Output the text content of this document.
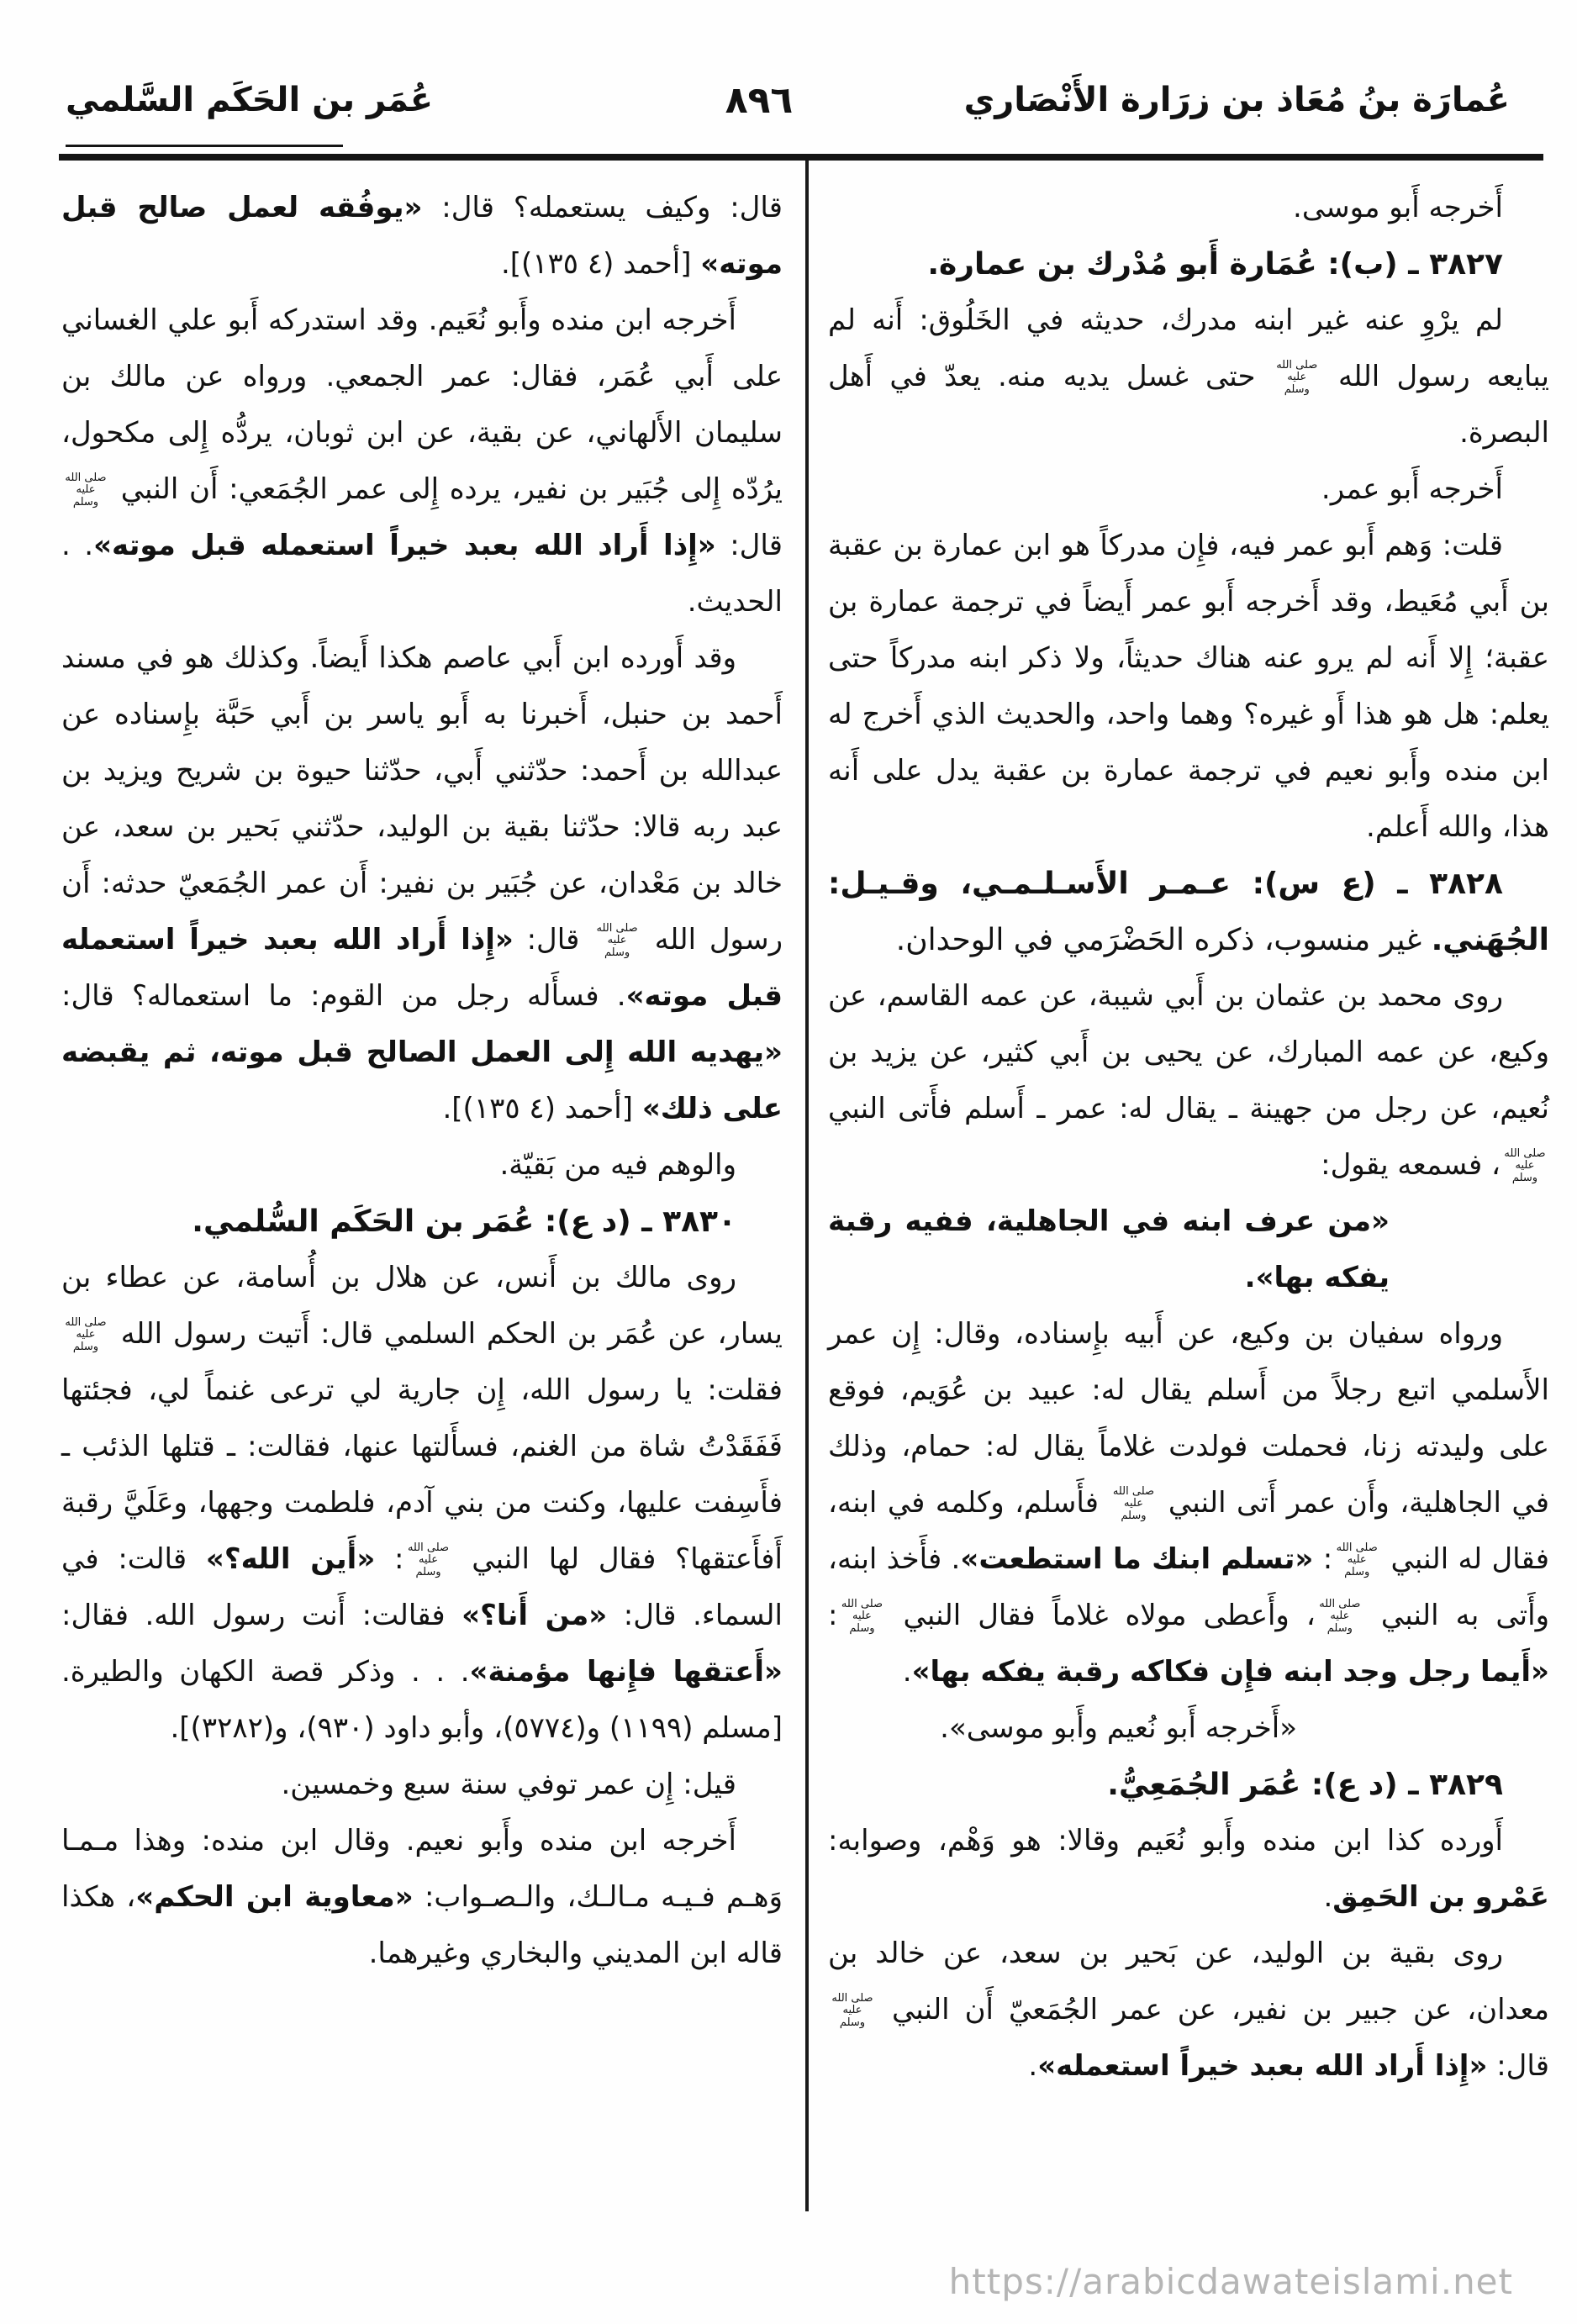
عُمَر بن الحَكَم السَّلمي	٨٩٦	عُمارَة بنُ مُعَاذ بن زرَارة الأَنْصَاري

أَخرجه أَبو موسى.

٣٨٢٧ ـ (ب): عُمَارة أَبو مُدْرك بن عمارة.

لم يرْوِ عنه غير ابنه مدرك، حديثه في الخَلُوق: أَنه لم يبايعه رسول الله صلى الله عليه وسلم حتى غسل يديه منه. يعدّ في أَهل البصرة.

أَخرجه أَبو عمر.

قلت: وَهم أَبو عمر فيه، فإِن مدركاً هو ابن عمارة بن عقبة بن أَبي مُعَيط، وقد أَخرجه أَبو عمر أَيضاً في ترجمة عمارة بن عقبة؛ إِلا أَنه لم يرو عنه هناك حديثاً، ولا ذكر ابنه مدركاً حتى يعلم: هل هو هذا أَو غيره؟ وهما واحد، والحديث الذي أَخرج له ابن منده وأَبو نعيم في ترجمة عمارة بن عقبة يدل على أَنه هذا، والله أَعلم.

٣٨٢٨ ـ (ع س): عـمـر الأَسـلـمـي، وقـيـل: الجُهَني. غير منسوب، ذكره الحَضْرَمي في الوحدان.

روى محمد بن عثمان بن أَبي شيبة، عن عمه القاسم، عن وكيع، عن عمه المبارك، عن يحيى بن أَبي كثير، عن يزيد بن نُعيم، عن رجل من جهينة ـ يقال له: عمر ـ أَسلم فأَتى النبي صلى الله عليه وسلم، فسمعه يقول:

«من عرف ابنه في الجاهلية، ففيه رقبة يفكه بها».

ورواه سفيان بن وكيع، عن أَبيه بإِسناده، وقال: إِن عمر الأَسلمي اتبع رجلاً من أَسلم يقال له: عبيد بن عُوَيم، فوقع على وليدته زنا، فحملت فولدت غلاماً يقال له: حمام، وذلك في الجاهلية، وأَن عمر أَتى النبي صلى الله عليه وسلم فأَسلم، وكلمه في ابنه، فقال له النبي صلى الله عليه وسلم: «تسلم ابنك ما استطعت». فأَخذ ابنه، وأَتى به النبي صلى الله عليه وسلم، وأَعطى مولاه غلاماً فقال النبي صلى الله عليه وسلم: «أَيما رجل وجد ابنه فإِن فكاكه رقبة يفكه بها».

«أَخرجه أَبو نُعيم وأَبو موسى».

٣٨٢٩ ـ (د ع): عُمَر الجُمَعِيُّ.

أَورده كذا ابن منده وأَبو نُعَيم وقالا: هو وَهْم، وصوابه: عَمْرو بن الحَمِق.

روى بقية بن الوليد، عن بَحير بن سعد، عن خالد بن معدان، عن جبير بن نفير، عن عمر الجُمَعيّ أَن النبي صلى الله عليه وسلم قال: «إِذا أَراد الله بعبد خيراً استعمله».

قال: وكيف يستعمله؟ قال: «يوفُقه لعمل صالح قبل موته» [أحمد (٤ ١٣٥)].

أَخرجه ابن منده وأَبو نُعَيم. وقد استدركه أَبو علي الغساني على أَبي عُمَر، فقال: عمر الجمعي. ورواه عن مالك بن سليمان الأَلهاني، عن بقية، عن ابن ثوبان، يردُّه إِلى مكحول، يرُدّه إِلى جُبَير بن نفير، يرده إِلى عمر الجُمَعي: أَن النبي صلى الله عليه وسلم قال: «إِذا أَراد الله بعبد خيراً استعمله قبل موته». . الحديث.

وقد أَورده ابن أَبي عاصم هكذا أَيضاً. وكذلك هو في مسند أَحمد بن حنبل، أَخبرنا به أَبو ياسر بن أَبي حَبَّة بإِسناده عن عبدالله بن أَحمد: حدّثني أَبي، حدّثنا حيوة بن شريح ويزيد بن عبد ربه قالا: حدّثنا بقية بن الوليد، حدّثني بَحير بن سعد، عن خالد بن مَعْدان، عن جُبَير بن نفير: أَن عمر الجُمَعيّ حدثه: أَن رسول الله صلى الله عليه وسلم قال: «إِذا أَراد الله بعبد خيراً استعمله قبل موته». فسأَله رجل من القوم: ما استعماله؟ قال: «يهديه الله إِلى العمل الصالح قبل موته، ثم يقبضه على ذلك» [أحمد (٤ ١٣٥)].

والوهم فيه من بَقيّة.

٣٨٣٠ ـ (د ع): عُمَر بن الحَكَم السُّلمي.

روى مالك بن أَنس، عن هلال بن أُسامة، عن عطاء بن يسار، عن عُمَر بن الحكم السلمي قال: أَتيت رسول الله صلى الله عليه وسلم فقلت: يا رسول الله، إِن جارية لي ترعى غنماً لي، فجئتها فَفَقَدْتُ شاة من الغنم، فسأَلتها عنها، فقالت: ـ قتلها الذئب ـ فأَسِفت عليها، وكنت من بني آدم، فلطمت وجهها، وعَلَيَّ رقبة أَفأَعتقها؟ فقال لها النبي صلى الله عليه وسلم: «أَين الله؟» قالت: في السماء. قال: «من أَنا؟» فقالت: أَنت رسول الله. فقال: «أَعتقها فإِنها مؤمنة». . . وذكر قصة الكهان والطيرة. [مسلم (١١٩٩) و(٥٧٧٤)، وأبو داود (٩٣٠)، و(٣٢٨٢)].

قيل: إِن عمر توفي سنة سبع وخمسين.

أَخرجه ابن منده وأَبو نعيم. وقال ابن منده: وهذا مـمـا وَهـم فـيـه مـالـك، والـصـواب: «معاوية ابن الحكم»، هكذا قاله ابن المديني والبخاري وغيرهما.

https://arabicdawateislami.net
